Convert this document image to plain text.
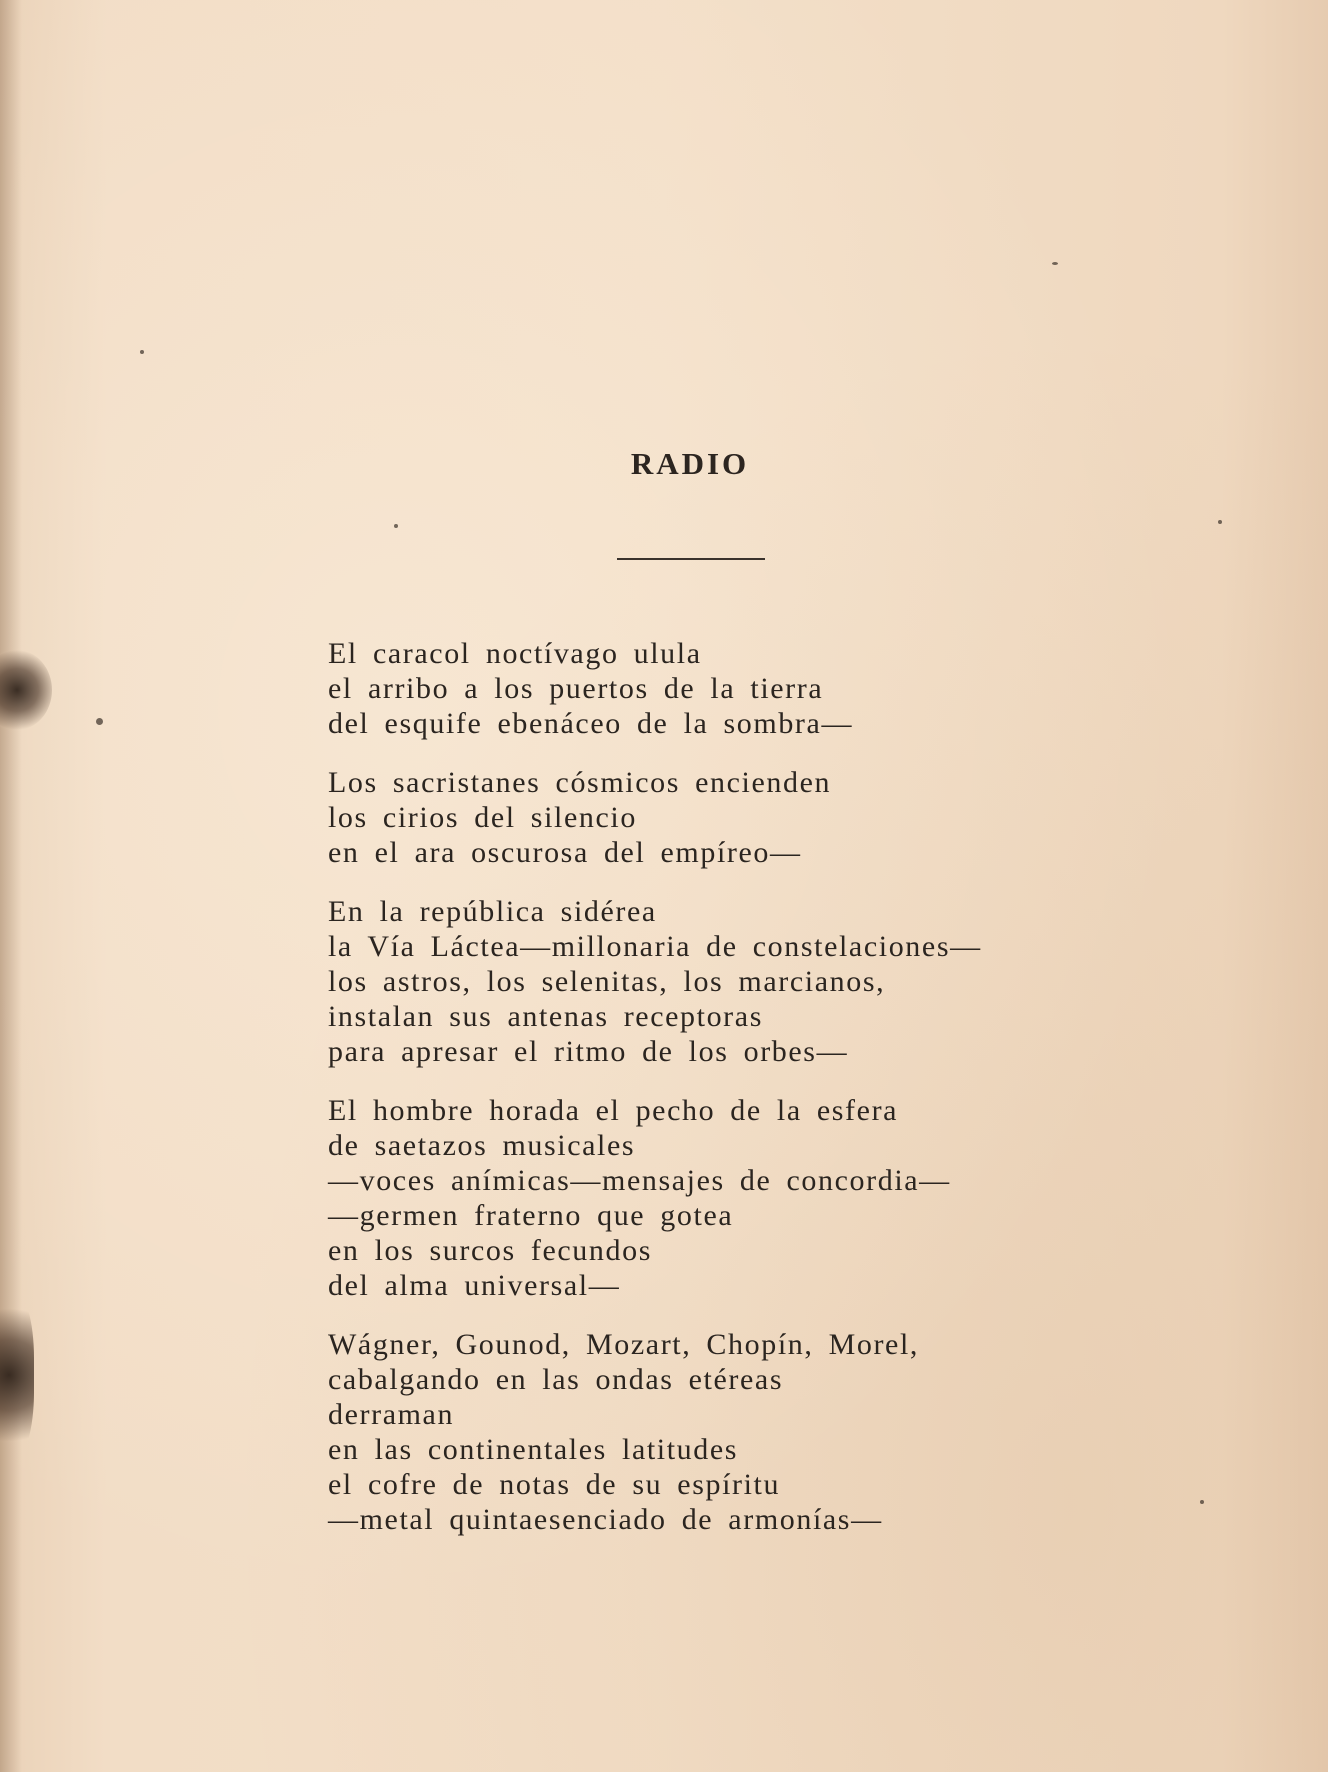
RADIO
El caracol noctívago ulula
el arribo a los puertos de la tierra
del esquife ebenáceo de la sombra—
Los sacristanes cósmicos encienden
los cirios del silencio
en el ara oscurosa del empíreo—
En la república sidérea
la Vía Láctea—millonaria de constelaciones—
los astros, los selenitas, los marcianos,
instalan sus antenas receptoras
para apresar el ritmo de los orbes—
El hombre horada el pecho de la esfera
de saetazos musicales
—voces anímicas—mensajes de concordia—
—germen fraterno que gotea
en los surcos fecundos
del alma universal—
Wágner, Gounod, Mozart, Chopín, Morel,
cabalgando en las ondas etéreas
derraman
en las continentales latitudes
el cofre de notas de su espíritu
—metal quintaesenciado de armonías—
